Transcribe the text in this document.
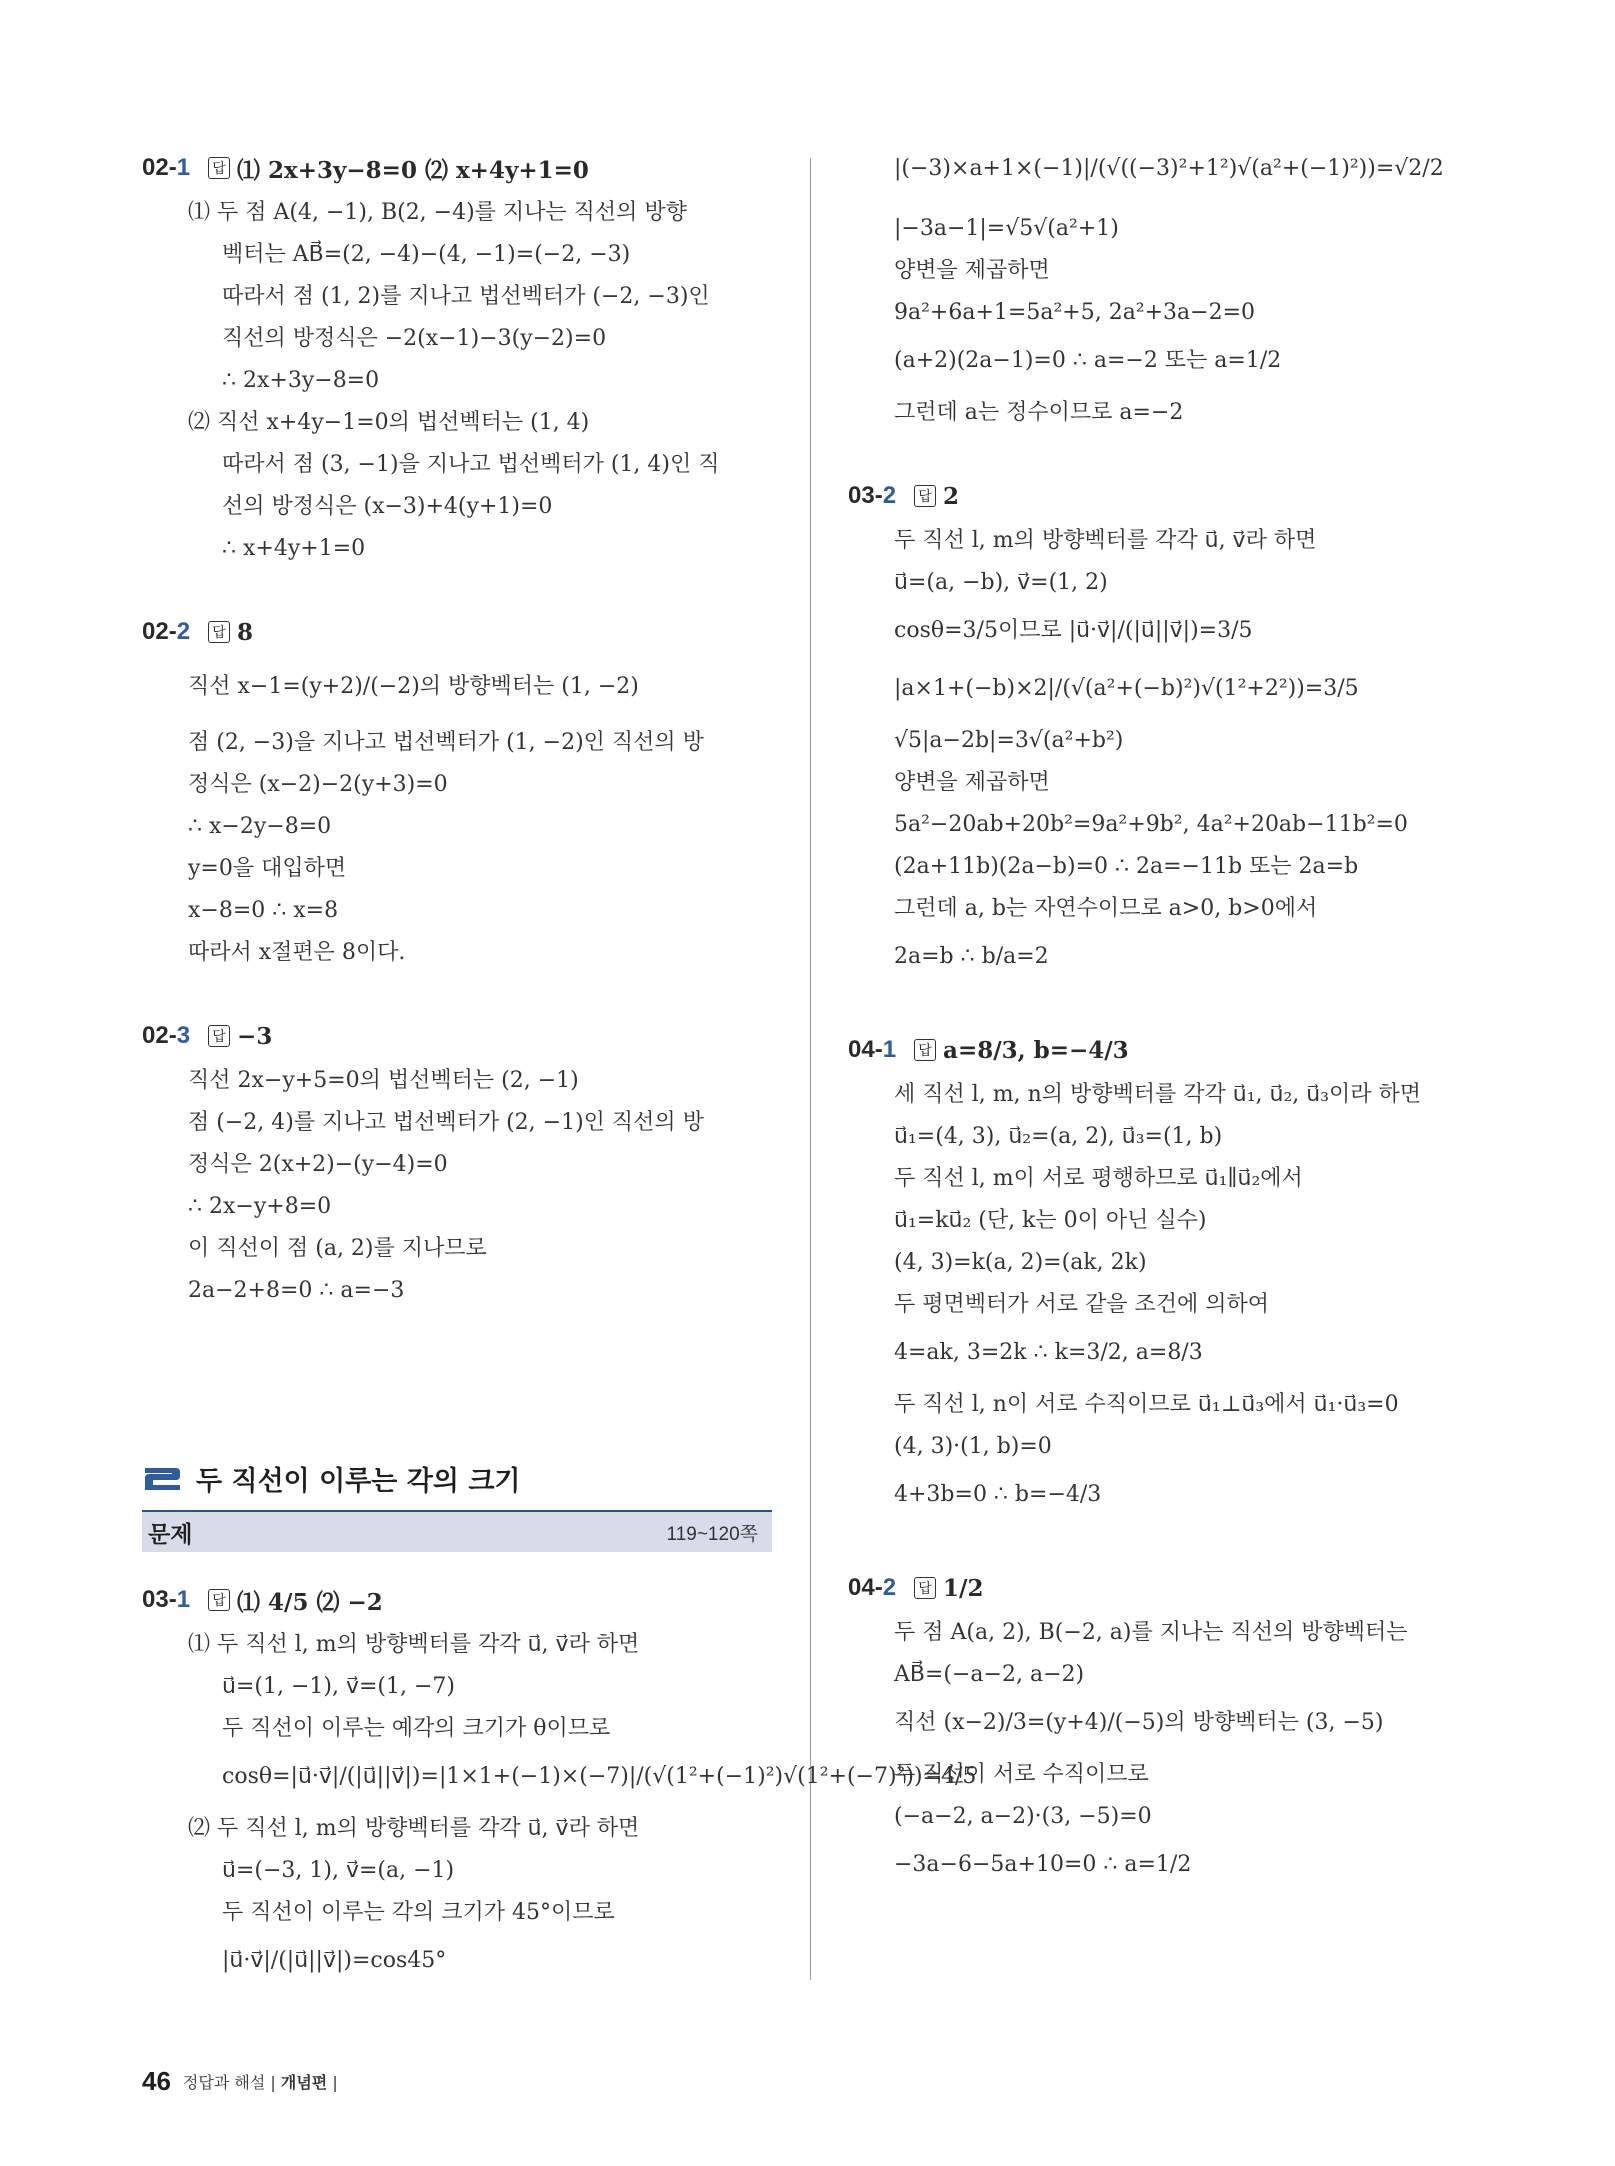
02-1	답 ⑴ 2x+3y−8=0 ⑵ x+4y+1=0
⑴ 두 점 A(4, −1), B(2, −4)를 지나는 직선의 방향
벡터는 AB⃗=(2, −4)−(4, −1)=(−2, −3)
따라서 점 (1, 2)를 지나고 법선벡터가 (−2, −3)인
직선의 방정식은 −2(x−1)−3(y−2)=0
∴ 2x+3y−8=0
⑵ 직선 x+4y−1=0의 법선벡터는 (1, 4)
따라서 점 (3, −1)을 지나고 법선벡터가 (1, 4)인 직
선의 방정식은 (x−3)+4(y+1)=0
∴ x+4y+1=0
02-2	답 8
직선 x−1=(y+2)/(−2)의 방향벡터는 (1, −2)
점 (2, −3)을 지나고 법선벡터가 (1, −2)인 직선의 방
정식은 (x−2)−2(y+3)=0
∴ x−2y−8=0
y=0을 대입하면
x−8=0 ∴ x=8
따라서 x절편은 8이다.
02-3	답 −3
직선 2x−y+5=0의 법선벡터는 (2, −1)
점 (−2, 4)를 지나고 법선벡터가 (2, −1)인 직선의 방
정식은 2(x+2)−(y−4)=0
∴ 2x−y+8=0
이 직선이 점 (a, 2)를 지나므로
2a−2+8=0 ∴ a=−3
두 직선이 이루는 각의 크기
문제	119~120쪽
03-1	답 ⑴ 4/5 ⑵ −2
⑴ 두 직선 l, m의 방향벡터를 각각 u⃗, v⃗라 하면
u⃗=(1, −1), v⃗=(1, −7)
두 직선이 이루는 예각의 크기가 θ이므로
cosθ=|u⃗·v⃗|/(|u⃗||v⃗|)=|1×1+(−1)×(−7)|/(√(1²+(−1)²)√(1²+(−7)²))=4/5
⑵ 두 직선 l, m의 방향벡터를 각각 u⃗, v⃗라 하면
u⃗=(−3, 1), v⃗=(a, −1)
두 직선이 이루는 각의 크기가 45°이므로
|u⃗·v⃗|/(|u⃗||v⃗|)=cos45°
|(−3)×a+1×(−1)|/(√((−3)²+1²)√(a²+(−1)²))=√2/2
|−3a−1|=√5√(a²+1)
양변을 제곱하면
9a²+6a+1=5a²+5, 2a²+3a−2=0
(a+2)(2a−1)=0 ∴ a=−2 또는 a=1/2
그런데 a는 정수이므로 a=−2
03-2	답 2
두 직선 l, m의 방향벡터를 각각 u⃗, v⃗라 하면
u⃗=(a, −b), v⃗=(1, 2)
cosθ=3/5이므로 |u⃗·v⃗|/(|u⃗||v⃗|)=3/5
|a×1+(−b)×2|/(√(a²+(−b)²)√(1²+2²))=3/5
√5|a−2b|=3√(a²+b²)
양변을 제곱하면
5a²−20ab+20b²=9a²+9b², 4a²+20ab−11b²=0
(2a+11b)(2a−b)=0 ∴ 2a=−11b 또는 2a=b
그런데 a, b는 자연수이므로 a>0, b>0에서
2a=b ∴ b/a=2
04-1	답 a=8/3, b=−4/3
세 직선 l, m, n의 방향벡터를 각각 u⃗₁, u⃗₂, u⃗₃이라 하면
u⃗₁=(4, 3), u⃗₂=(a, 2), u⃗₃=(1, b)
두 직선 l, m이 서로 평행하므로 u⃗₁∥u⃗₂에서
u⃗₁=ku⃗₂ (단, k는 0이 아닌 실수)
(4, 3)=k(a, 2)=(ak, 2k)
두 평면벡터가 서로 같을 조건에 의하여
4=ak, 3=2k ∴ k=3/2, a=8/3
두 직선 l, n이 서로 수직이므로 u⃗₁⊥u⃗₃에서 u⃗₁·u⃗₃=0
(4, 3)·(1, b)=0
4+3b=0 ∴ b=−4/3
04-2	답 1/2
두 점 A(a, 2), B(−2, a)를 지나는 직선의 방향벡터는
AB⃗=(−a−2, a−2)
직선 (x−2)/3=(y+4)/(−5)의 방향벡터는 (3, −5)
두 직선이 서로 수직이므로
(−a−2, a−2)·(3, −5)=0
−3a−6−5a+10=0 ∴ a=1/2
46 정답과 해설 | 개념편 |
